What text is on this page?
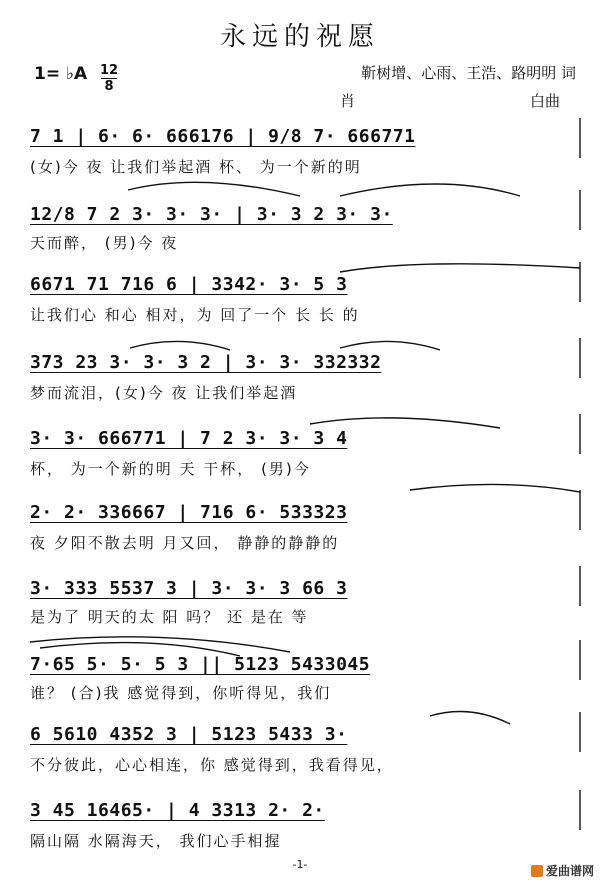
永远的祝愿
1= ♭A 12
8
靳树增、心雨、王浩、路明明 词
肖	白曲
7 1 | 6· 6· 666176 | 9/8 7· 666771
(女)今 夜 让我们举起酒 杯、 为一个新的明
12/8 7 2 3· 3· 3· | 3· 3 2 3· 3·
天而醉， (男)今 夜
6671 71 716 6 | 3342· 3· 5 3
让我们心 和心 相对，为 回了一个 长 长 的
373 23 3· 3· 3 2 | 3· 3· 332332
梦而流泪，(女)今 夜 让我们举起酒
3· 3· 666771 | 7 2 3· 3· 3 4
杯， 为一个新的明 天 干杯， (男)今
2· 2· 336667 | 716 6· 533323
夜 夕阳不散去明 月又回， 静静的静静的
3· 333 5537 3 | 3· 3· 3 66 3
是为了 明天的太 阳 吗？ 还 是在 等
7·65 5· 5· 5 3 || 5123 5433045
谁？ (合)我 感觉得到，你听得见，我们
6 5610 4352 3 | 5123 5433 3·
不分彼此，心心相连，你 感觉得到，我看得见，
3 45 16465· | 4 3313 2· 2·
隔山隔 水隔海天， 我们心手相握
-1-	爱曲谱网
